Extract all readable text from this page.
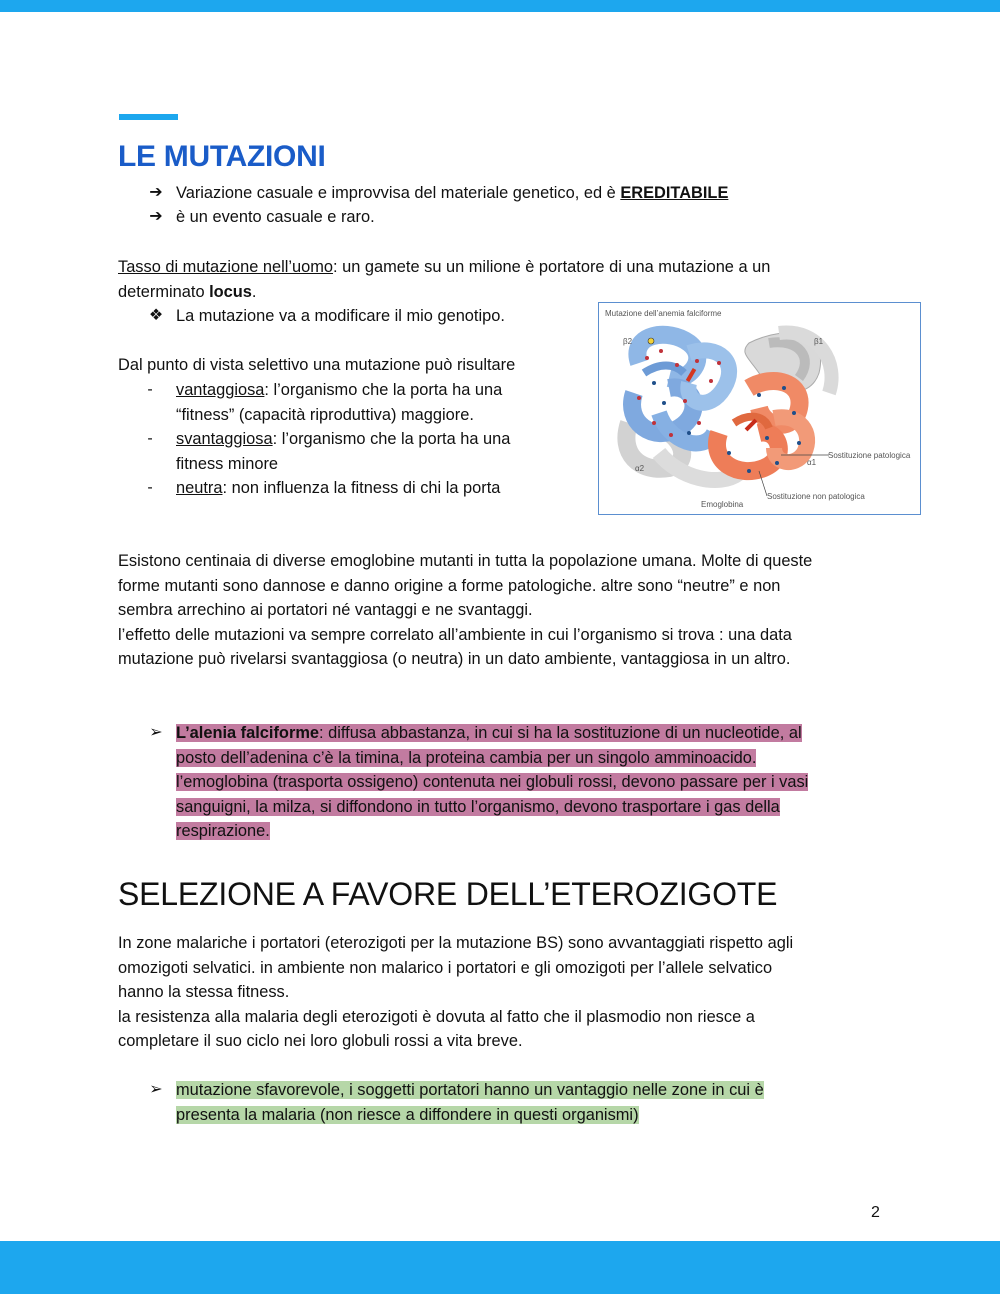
LE MUTAZIONI
➔ Variazione casuale e improvvisa del materiale genetico, ed è EREDITABILE
➔ è un evento casuale e raro.
Tasso di mutazione nell’uomo: un gamete su un milione è portatore di una mutazione a un
determinato locus.
❖ La mutazione va a modificare il mio genotipo.
Dal punto di vista selettivo una mutazione può risultare
-	vantaggiosa: l’organismo che la porta ha una
“fitness” (capacità riproduttiva) maggiore.
-	svantaggiosa: l’organismo che la porta ha una
fitness minore
-	neutra: non influenza la fitness di chi la porta
Mutazione dell’anemia falciforme
β2	β1
α1
α2
Sostituzione patologica
Sostituzione non patologica
Emoglobina
Esistono centinaia di diverse emoglobine mutanti in tutta la popolazione umana. Molte di queste
forme mutanti sono dannose e danno origine a forme patologiche. altre sono “neutre” e non
sembra arrechino ai portatori né vantaggi e ne svantaggi.
l’effetto delle mutazioni va sempre correlato all’ambiente in cui l’organismo si trova : una data
mutazione può rivelarsi svantaggiosa (o neutra) in un dato ambiente, vantaggiosa in un altro.
➢ L’alenia falciforme: diffusa abbastanza, in cui si ha la sostituzione di un nucleotide, al
posto dell’adenina c’è la timina, la proteina cambia per un singolo amminoacido.
l’emoglobina (trasporta ossigeno) contenuta nei globuli rossi, devono passare per i vasi
sanguigni, la milza, si diffondono in tutto l’organismo, devono trasportare i gas della
respirazione.
SELEZIONE A FAVORE DELL’ETEROZIGOTE
In zone malariche i portatori (eterozigoti per la mutazione BS) sono avvantaggiati rispetto agli
omozigoti selvatici. in ambiente non malarico i portatori e gli omozigoti per l’allele selvatico
hanno la stessa fitness.
la resistenza alla malaria degli eterozigoti è dovuta al fatto che il plasmodio non riesce a
completare il suo ciclo nei loro globuli rossi a vita breve.
➢ mutazione sfavorevole, i soggetti portatori hanno un vantaggio nelle zone in cui è
presenta la malaria (non riesce a diffondere in questi organismi)
2
